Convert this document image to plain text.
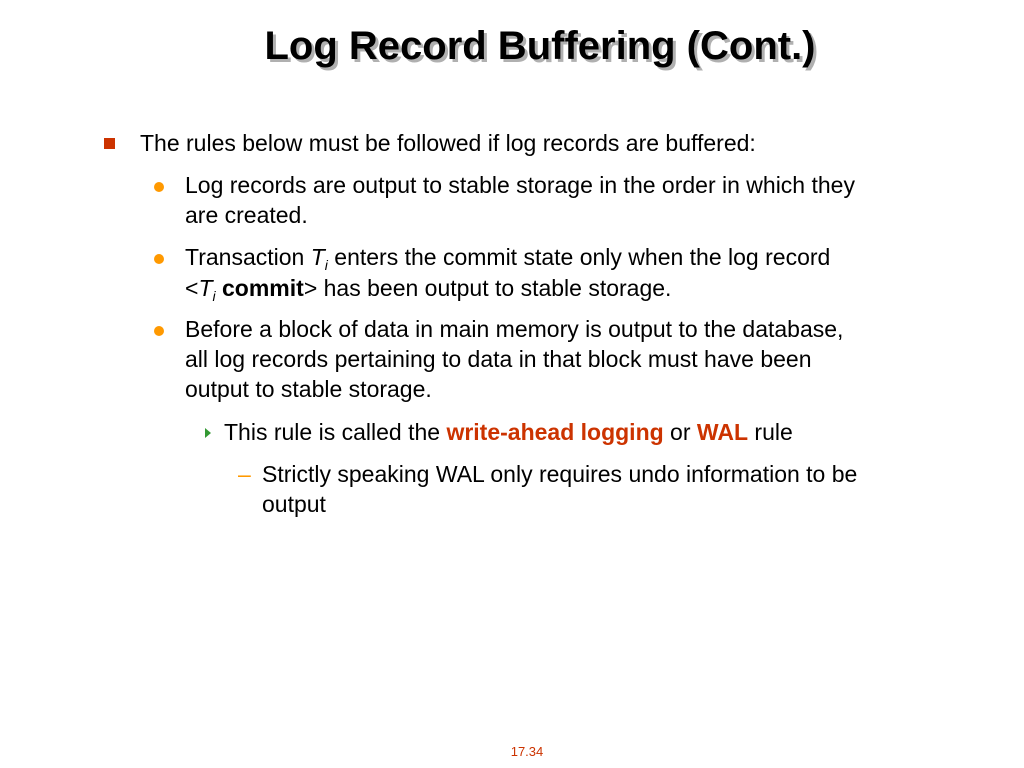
Log Record Buffering (Cont.)
The rules below must be followed if log records are buffered:
Log records are output to stable storage in the order in which they
are created.
Transaction $T_i$ enters the commit state only when the log record
$<T_i$ commit> has been output to stable storage.
Before a block of data in main memory is output to the database,
all log records pertaining to data in that block must have been
output to stable storage.
This rule is called the write-ahead logging or WAL rule
– Strictly speaking WAL only requires undo information to be
output
17.34
